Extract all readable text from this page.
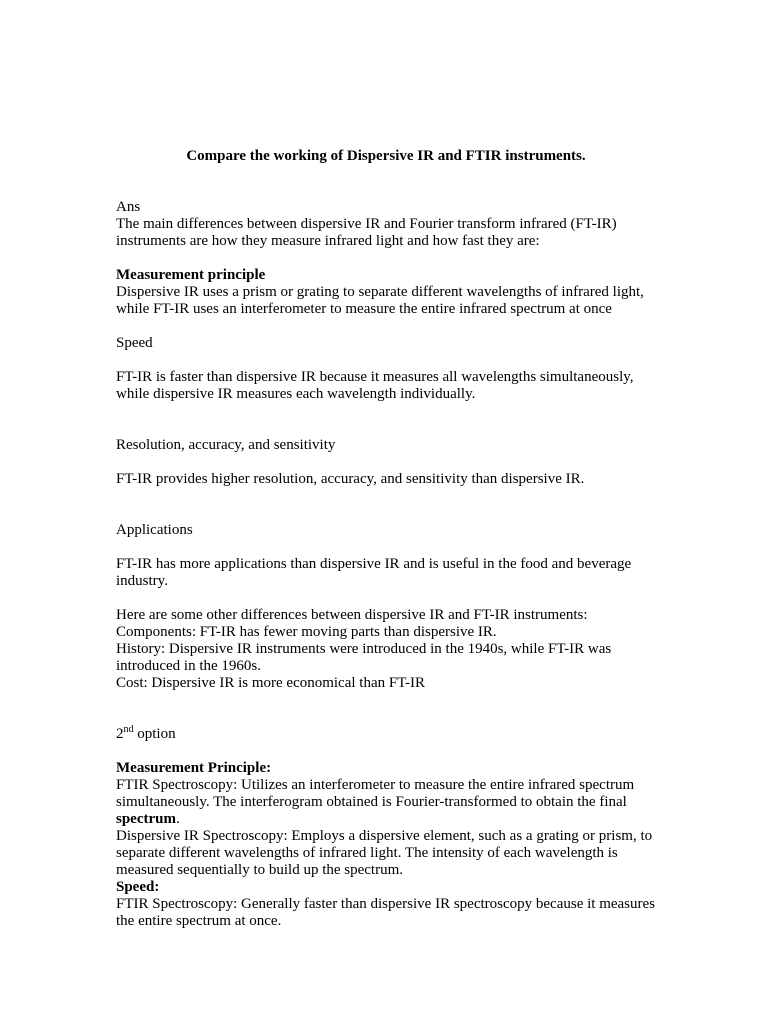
Compare the working of Dispersive IR and FTIR instruments.

Ans

The main differences between dispersive IR and Fourier transform infrared (FT-IR) instruments are how they measure infrared light and how fast they are:

Measurement principle

Dispersive IR uses a prism or grating to separate different wavelengths of infrared light, while FT-IR uses an interferometer to measure the entire infrared spectrum at once

Speed

FT-IR is faster than dispersive IR because it measures all wavelengths simultaneously, while dispersive IR measures each wavelength individually.

Resolution, accuracy, and sensitivity

FT-IR provides higher resolution, accuracy, and sensitivity than dispersive IR.

Applications

FT-IR has more applications than dispersive IR and is useful in the food and beverage industry.

Here are some other differences between dispersive IR and FT-IR instruments:

Components: FT-IR has fewer moving parts than dispersive IR.

History: Dispersive IR instruments were introduced in the 1940s, while FT-IR was introduced in the 1960s.

Cost: Dispersive IR is more economical than FT-IR

2nd option

Measurement Principle:

FTIR Spectroscopy: Utilizes an interferometer to measure the entire infrared spectrum simultaneously. The interferogram obtained is Fourier-transformed to obtain the final spectrum.

Dispersive IR Spectroscopy: Employs a dispersive element, such as a grating or prism, to separate different wavelengths of infrared light. The intensity of each wavelength is measured sequentially to build up the spectrum.

Speed:

FTIR Spectroscopy: Generally faster than dispersive IR spectroscopy because it measures the entire spectrum at once.
